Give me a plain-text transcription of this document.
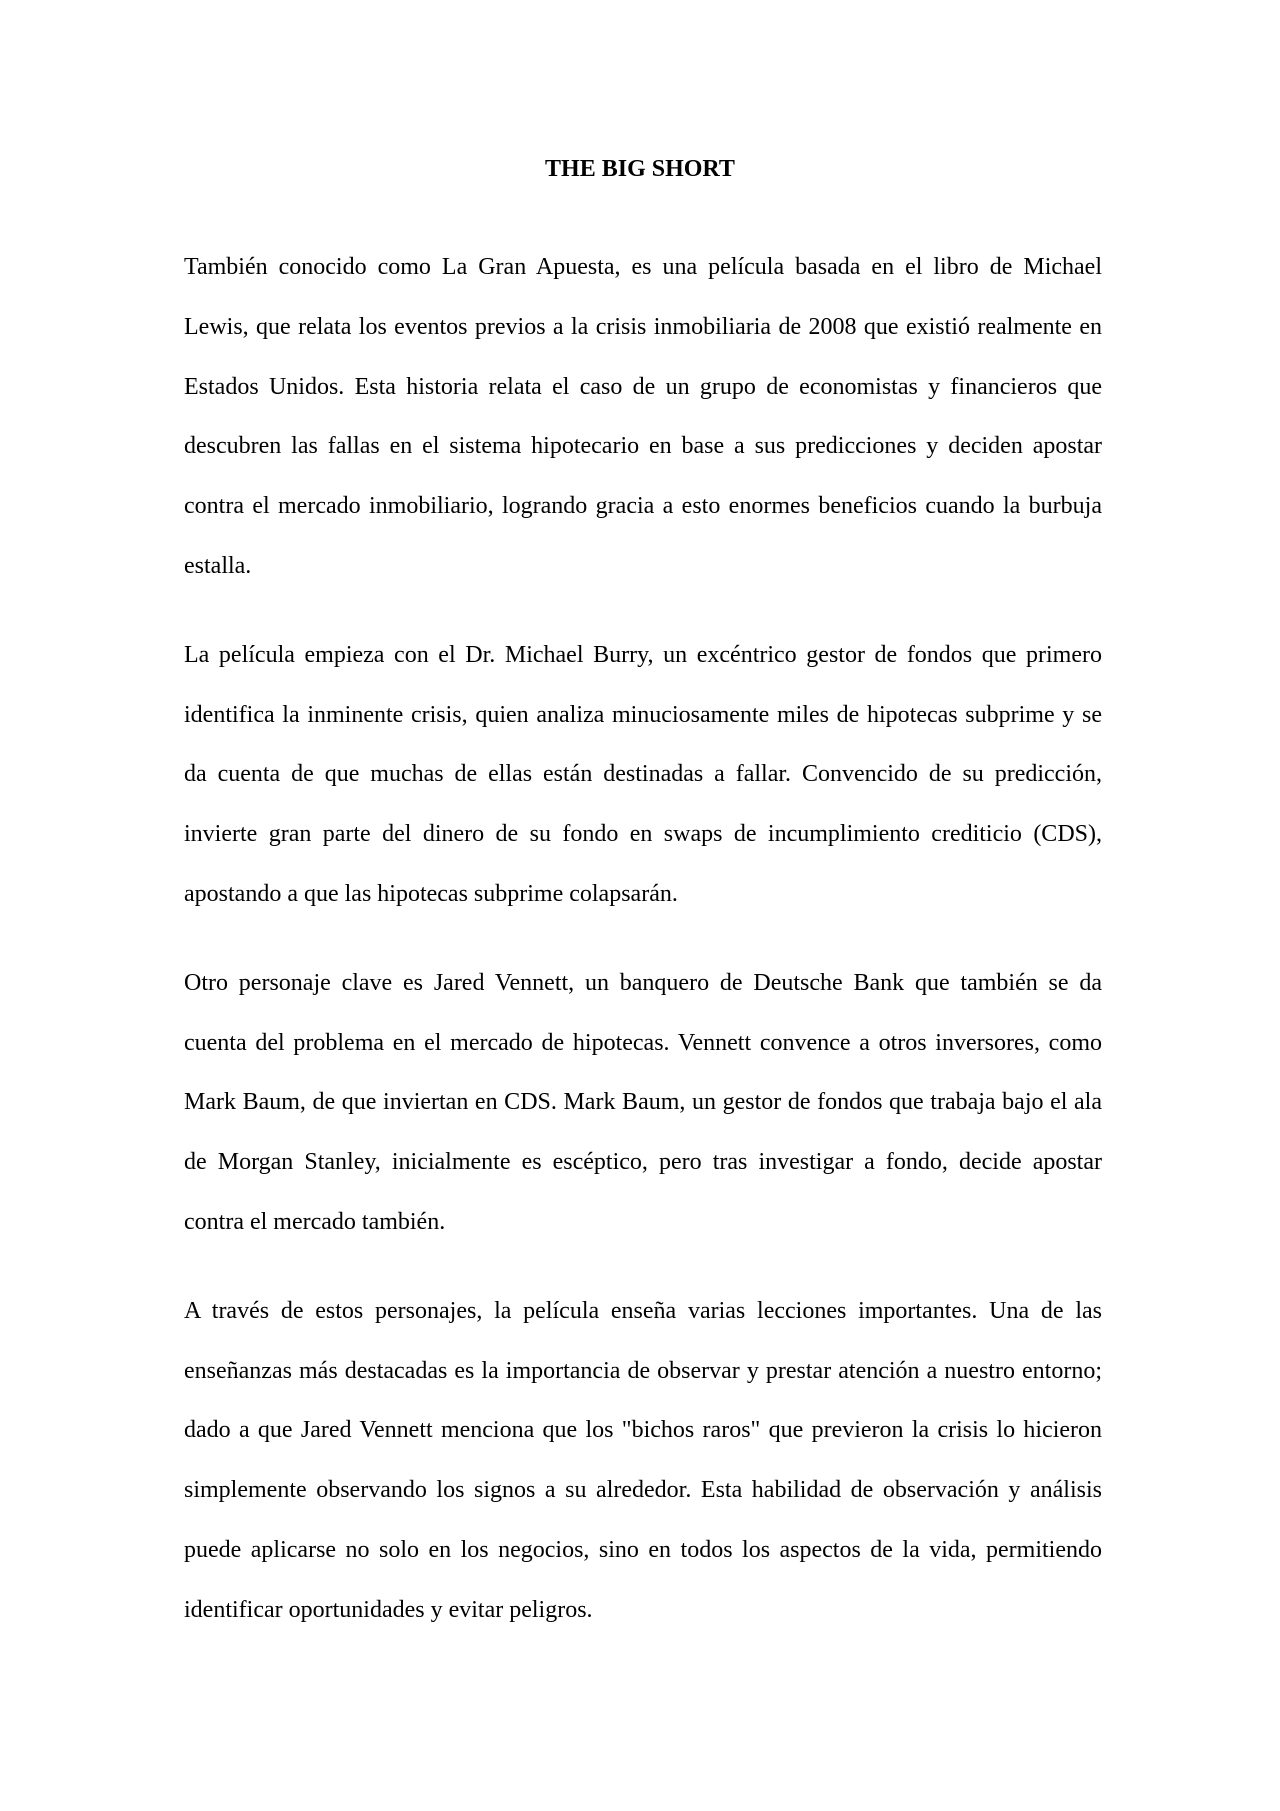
THE BIG SHORT

También conocido como La Gran Apuesta, es una película basada en el libro de Michael Lewis, que relata los eventos previos a la crisis inmobiliaria de 2008 que existió realmente en Estados Unidos. Esta historia relata el caso de un grupo de economistas y financieros que descubren las fallas en el sistema hipotecario en base a sus predicciones y deciden apostar contra el mercado inmobiliario, logrando gracia a esto enormes beneficios cuando la burbuja estalla.

La película empieza con el Dr. Michael Burry, un excéntrico gestor de fondos que primero identifica la inminente crisis, quien analiza minuciosamente miles de hipotecas subprime y se da cuenta de que muchas de ellas están destinadas a fallar. Convencido de su predicción, invierte gran parte del dinero de su fondo en swaps de incumplimiento crediticio (CDS), apostando a que las hipotecas subprime colapsarán.

Otro personaje clave es Jared Vennett, un banquero de Deutsche Bank que también se da cuenta del problema en el mercado de hipotecas. Vennett convence a otros inversores, como Mark Baum, de que inviertan en CDS. Mark Baum, un gestor de fondos que trabaja bajo el ala de Morgan Stanley, inicialmente es escéptico, pero tras investigar a fondo, decide apostar contra el mercado también.

A través de estos personajes, la película enseña varias lecciones importantes. Una de las enseñanzas más destacadas es la importancia de observar y prestar atención a nuestro entorno; dado a que Jared Vennett menciona que los "bichos raros" que previeron la crisis lo hicieron simplemente observando los signos a su alrededor. Esta habilidad de observación y análisis puede aplicarse no solo en los negocios, sino en todos los aspectos de la vida, permitiendo identificar oportunidades y evitar peligros.
